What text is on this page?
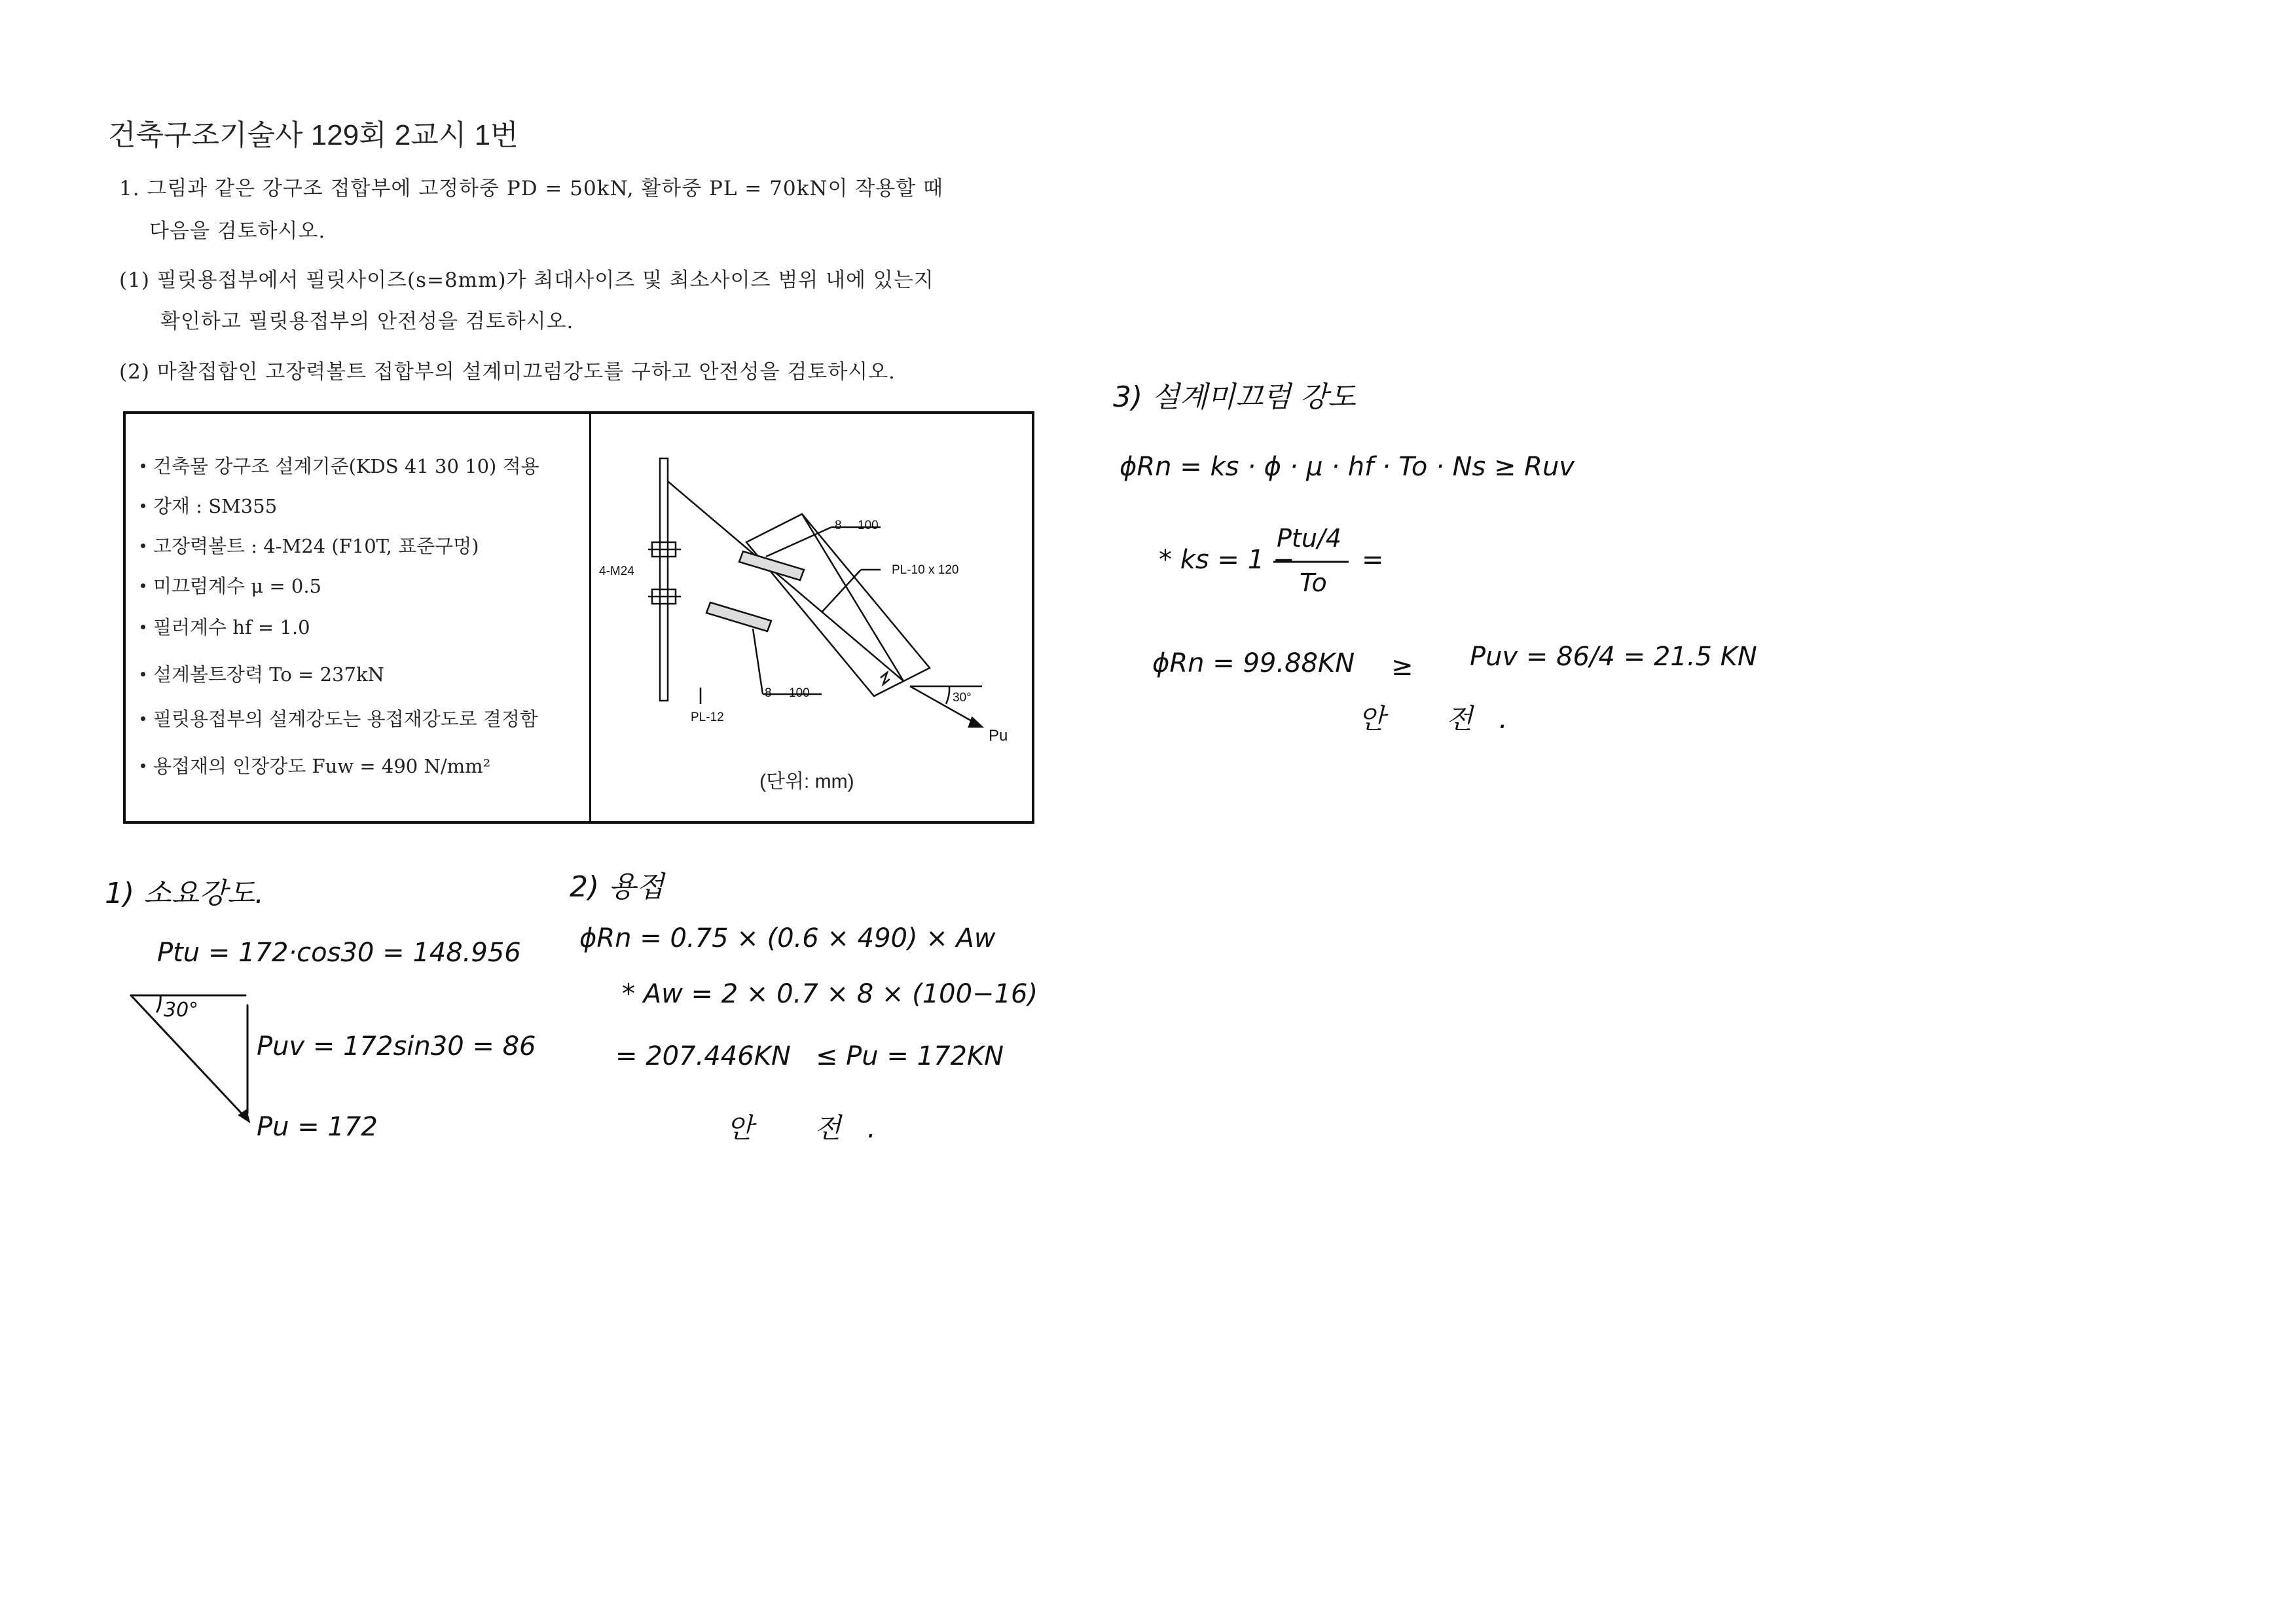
건축구조기술사 129회 2교시 1번
1. 그림과 같은 강구조 접합부에 고정하중 PD = 50kN, 활하중 PL = 70kN이 작용할 때
다음을 검토하시오.
(1) 필릿용접부에서 필릿사이즈(s=8mm)가 최대사이즈 및 최소사이즈 범위 내에 있는지
확인하고 필릿용접부의 안전성을 검토하시오.
(2) 마찰접합인 고장력볼트 접합부의 설계미끄럼강도를 구하고 안전성을 검토하시오.
건축물 강구조 설계기준(KDS 41 30 10) 적용
강재 : SM355
고장력볼트 : 4-M24 (F10T, 표준구멍)
미끄럼계수 μ = 0.5
필러계수 hf = 1.0
설계볼트장력 To = 237kN
필릿용접부의 설계강도는 용접재강도로 결정함
용접재의 인장강도 Fuw = 490 N/mm²
4-M24
8 100
PL-10 x 120
8 100
PL-12
30°
Pu
(단위: mm)
1) 소요강도.
Ptu = 172·cos30 = 148.956
30°
Puv = 172sin30 = 86
Pu = 172
2) 용접
ϕRn = 0.75 × (0.6 × 490) × Aw
* Aw = 2 × 0.7 × 8 × (100−16)
= 207.446KN   ≤ Pu = 172KN
안 전.
3) 설계미끄럼 강도
ϕRn = ks · ϕ · μ · hf · To · Ns ≥ Ruv
* ks = 1 −
Ptu/4
To
=
ϕRn = 99.88KN ≥ Puv = 86/4 = 21.5 KN
안 전.
